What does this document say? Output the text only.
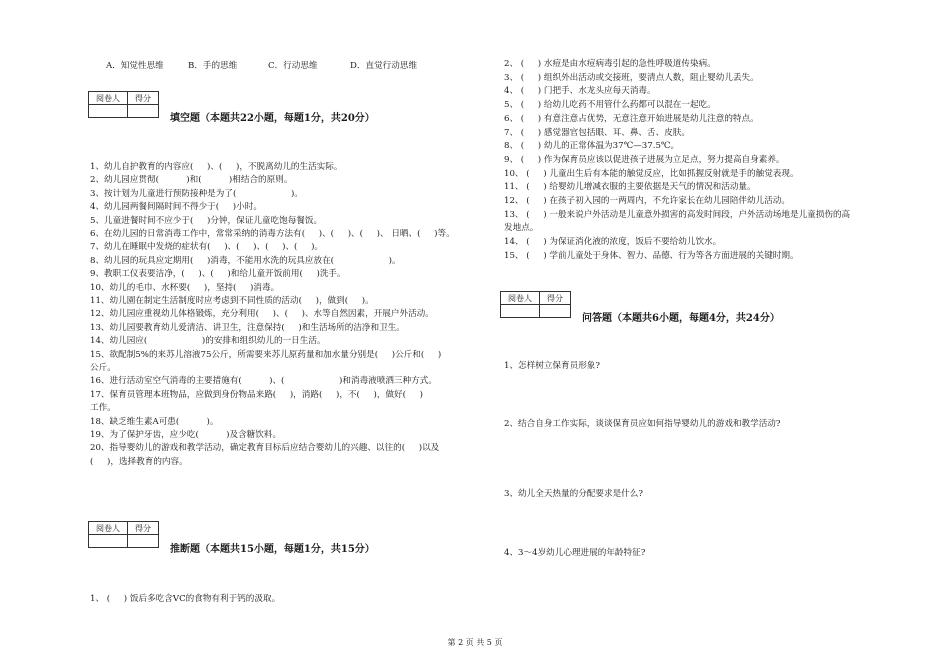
A．知觉性思维	B．手的思维	C．行动思维	D．直觉行动思维
阅卷人	得分

填空题（本题共22小题，每题1分，共20分）
1、幼儿自护教育的内容应(     )、(     )，不脱离幼儿的生活实际。
2、幼儿园应贯彻(          )和(          )相结合的原则。
3、按计划为儿童进行预防接种是为了(                    )。
4、幼儿园两餐间隔时间不得少于(     )小时。
5、儿童进餐时间不应少于(     )分钟，保证儿童吃饱每餐饭。
6、在幼儿园的日常消毒工作中，常常采纳的消毒方法有(     )、(     )、(     )、 日晒、(     )等。
7、幼儿在睡眠中发烧的症状有(     )、(     )、(     )、(     )。
8、幼儿园的玩具应定期用(     )消毒，不能用水洗的玩具应放在(                    )。
9、教职工仪表要洁净，(     )、(     )和给儿童开饭前用(     )洗手。
10、幼儿的毛巾、水杯要(     )，坚持(     )消毒。
11、幼儿園在制定生活制度时应考虑到不同性质的活动(     )，做到(     )。
12、幼儿园应重视幼儿体格锻炼，充分利用(     )、(     )、水等自然因素，开展户外活动。
13、幼儿园要教育幼儿爱清洁、讲卫生，注意保持(     )和生活场所的洁净和卫生。
14、幼儿园应(                    )的安排和组织幼儿的一日生活。
15、欲配制5%的来苏儿溶液75公斤，所需要来苏儿原药量和加水量分别是(     )公斤和(     )
公斤。
16、进行活动室空气消毒的主要措施有(          )、(                    )和消毒液喷洒三种方式。
17、保育员管理本班物品，应做到身份物品来路(     )，消路(     )，不(     )，做好(     )
工作。
18、缺乏维生素A可患(          )。
19、为了保护牙齿，应少吃(          )及含糖饮料。
20、指导婴幼儿的游戏和教学活动，确定教育目标后应结合婴幼儿的兴趣、以往的(     )以及
(     )，选择教育的内容。
阅卷人	得分

推断题（本题共15小题，每题1分，共15分）
1、 (     ) 饭后多吃含VC的食物有利于钙的汲取。
2、 (     ) 水痘是由水痘病毒引起的急性呼吸道传染病。
3、 (     ) 组织外出活动或交接班，要清点人数，阻止婴幼儿丢失。
4、 (     ) 门把手、水龙头应每天消毒。
5、 (     ) 给幼儿吃药不用管什么药都可以混在一起吃。
6、 (     ) 有意注意占优势，无意注意开始进展是幼儿注意的特点。
7、 (     ) 感觉器官包括眼、耳、鼻、舌、皮肤。
8、 (     ) 幼儿的正常体温为37℃—37.5℃。
9、 (     ) 作为保育员应该以促进孩子进展为立足点，努力提高自身素养。
10、 (     ) 儿童出生后有本能的触觉反应，比如抓握反射就是手的触觉表现。
11、 (     ) 给婴幼儿增减衣服的主要依据是天气的情况和活动量。
12、 (     ) 在孩子初入园的一两周内，不允许家长在幼儿园陪伴幼儿活动。
13、 (     ) 一般来说户外活动是儿童意外损害的高发时间段，户外活动场地是儿童损伤的高
发地点。
14、 (     ) 为保证消化液的浓度，饭后不要给幼儿饮水。
15、 (     ) 学前儿童处于身体、智力、品德、行为等各方面进展的关键时期。
阅卷人	得分

问答题（本题共6小题，每题4分，共24分）
1、怎样树立保育员形象?
2、结合自身工作实际，谈谈保育员应如何指导婴幼儿的游戏和教学活动?
3、幼儿全天热量的分配要求是什么?
4、3～4岁幼儿心理进展的年龄特征?
第 2 页 共 5 页
